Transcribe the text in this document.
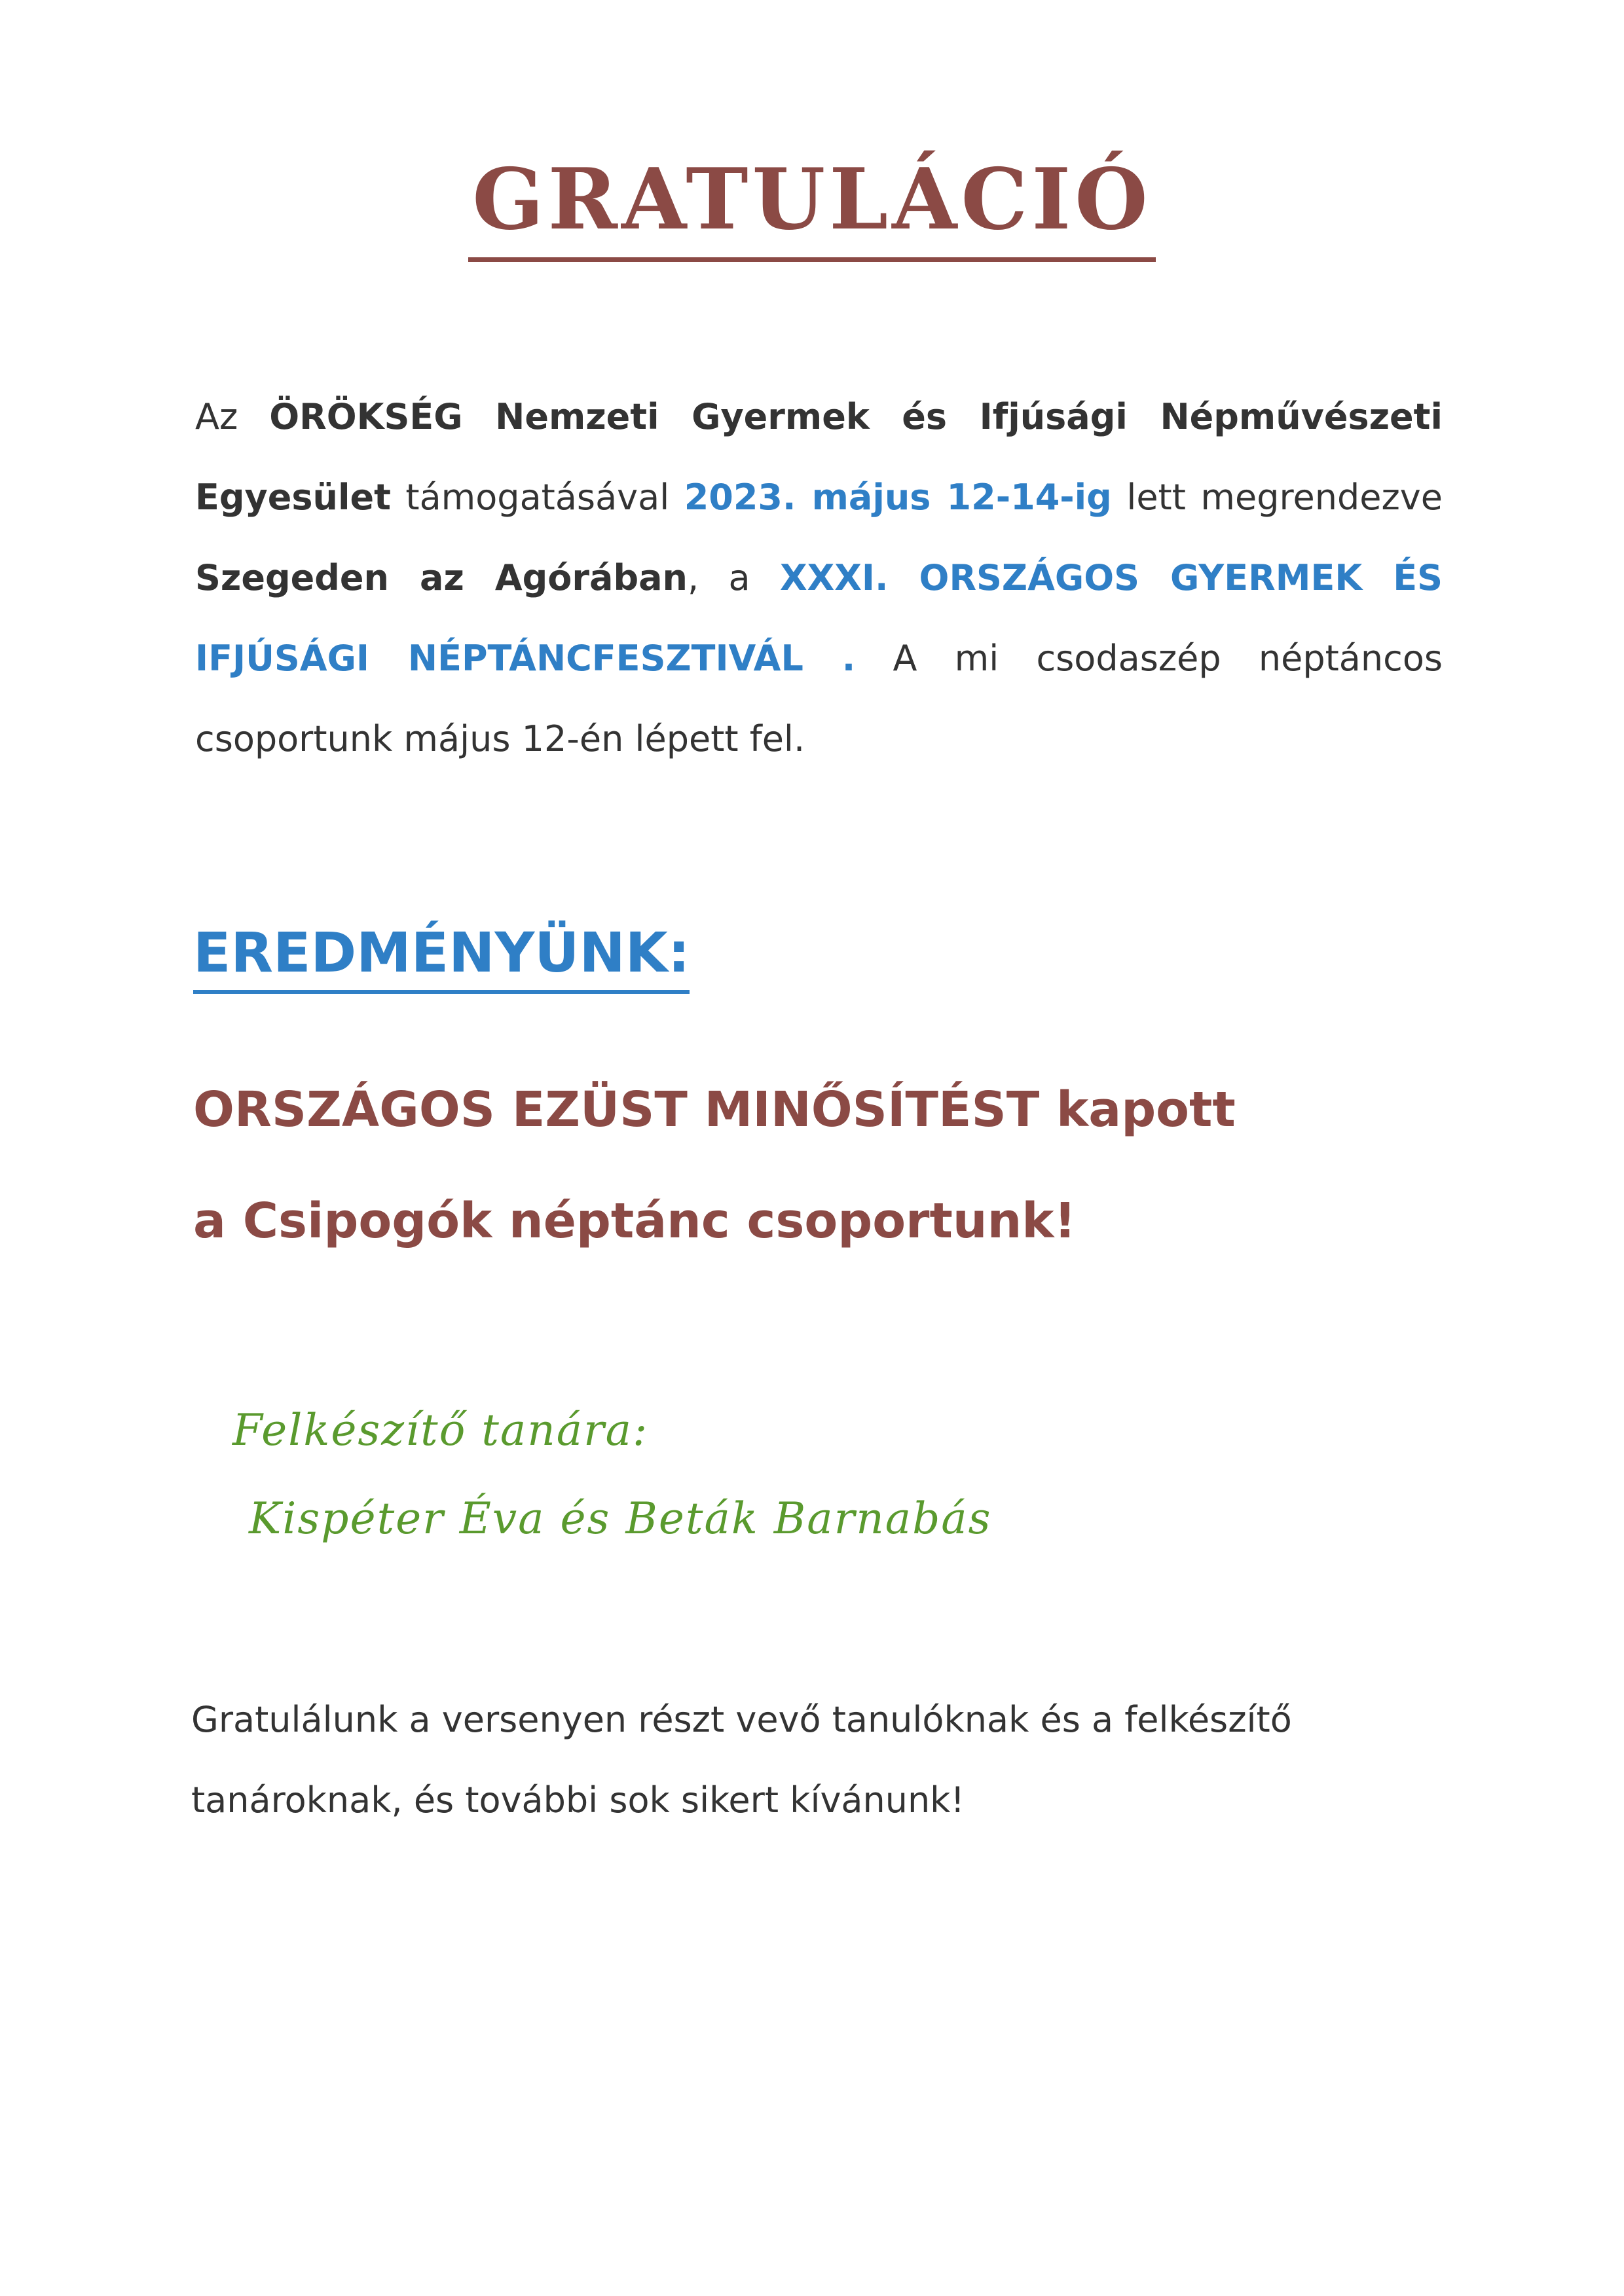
GRATULÁCIÓ
Az ÖRÖKSÉG Nemzeti Gyermek és Ifjúsági Népművészeti Egyesület támogatásával 2023. május 12-14-ig lett megrendezve Szegeden az Agórában, a XXXI. ORSZÁGOS GYERMEK ÉS IFJÚSÁGI NÉPTÁNCFESZTIVÁL . A mi csodaszép néptáncos csoportunk május 12-én lépett fel.
EREDMÉNYÜNK:
ORSZÁGOS EZÜST MINŐSÍTÉST kapott
a Csipogók néptánc csoportunk!
Felkészítő tanára:
Kispéter Éva és Beták Barnabás
Gratulálunk a versenyen részt vevő tanulóknak és a felkészítő tanároknak, és további sok sikert kívánunk!
